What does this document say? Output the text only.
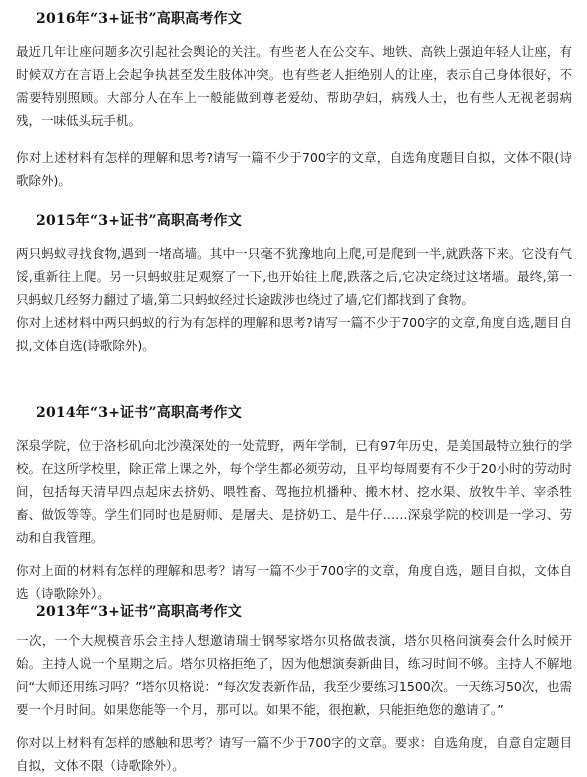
2016年“3+证书”高职高考作文

最近几年让座问题多次引起社会舆论的关注。有些老人在公交车、地铁、高铁上强迫年轻人让座，有时候双方在言语上会起争执甚至发生肢体冲突。也有些老人拒绝别人的让座，表示自己身体很好，不需要特别照顾。大部分人在车上一般能做到尊老爱幼、帮助孕妇，病残人士，也有些人无视老弱病残，一味低头玩手机。

你对上述材料有怎样的理解和思考?请写一篇不少于700字的文章，自选角度题目自拟，文体不限(诗歌除外)。

2015年“3+证书”高职高考作文

两只蚂蚁寻找食物,遇到一堵高墙。其中一只毫不犹豫地向上爬,可是爬到一半,就跌落下来。它没有气馁,重新往上爬。另一只蚂蚁驻足观察了一下,也开始往上爬,跌落之后,它决定绕过这堵墙。最终,第一只蚂蚁几经努力翻过了墙,第二只蚂蚁经过长途跋涉也绕过了墙,它们都找到了食物。

你对上述材料中两只蚂蚁的行为有怎样的理解和思考?请写一篇不少于700字的文章,角度自选,题目自拟,文体自选(诗歌除外)。

2014年“3+证书”高职高考作文

深泉学院，位于洛杉矶向北沙漠深处的一处荒野，两年学制，已有97年历史，是美国最特立独行的学校。在这所学校里，除正常上课之外，每个学生都必须劳动，且平均每周要有不少于20小时的劳动时间，包括每天清早四点起床去挤奶、喂牲畜、驾拖拉机播种、搬木材、挖水渠、放牧牛羊、宰杀牲畜、做饭等等。学生们同时也是厨师、是屠夫、是挤奶工、是牛仔……深泉学院的校训是一学习、劳动和自我管理。

你对上面的材料有怎样的理解和思考？请写一篇不少于700字的文章，角度自选，题目自拟，文体自选（诗歌除外）。

2013年“3+证书”高职高考作文

一次，一个大规模音乐会主持人想邀请瑞士钢琴家塔尔贝格做表演，塔尔贝格问演奏会什么时候开始。主持人说一个星期之后。塔尔贝格拒绝了，因为他想演奏新曲目，练习时间不够。主持人不解地问“大师还用练习吗？”塔尔贝格说：“每次发表新作品，我至少要练习1500次。一天练习50次，也需要一个月时间。如果您能等一个月，那可以。如果不能，很抱歉，只能拒绝您的邀请了。”

你对以上材料有怎样的感触和思考？请写一篇不少于700字的文章。要求：自选角度，自意自定题目自拟，文体不限（诗歌除外）。
